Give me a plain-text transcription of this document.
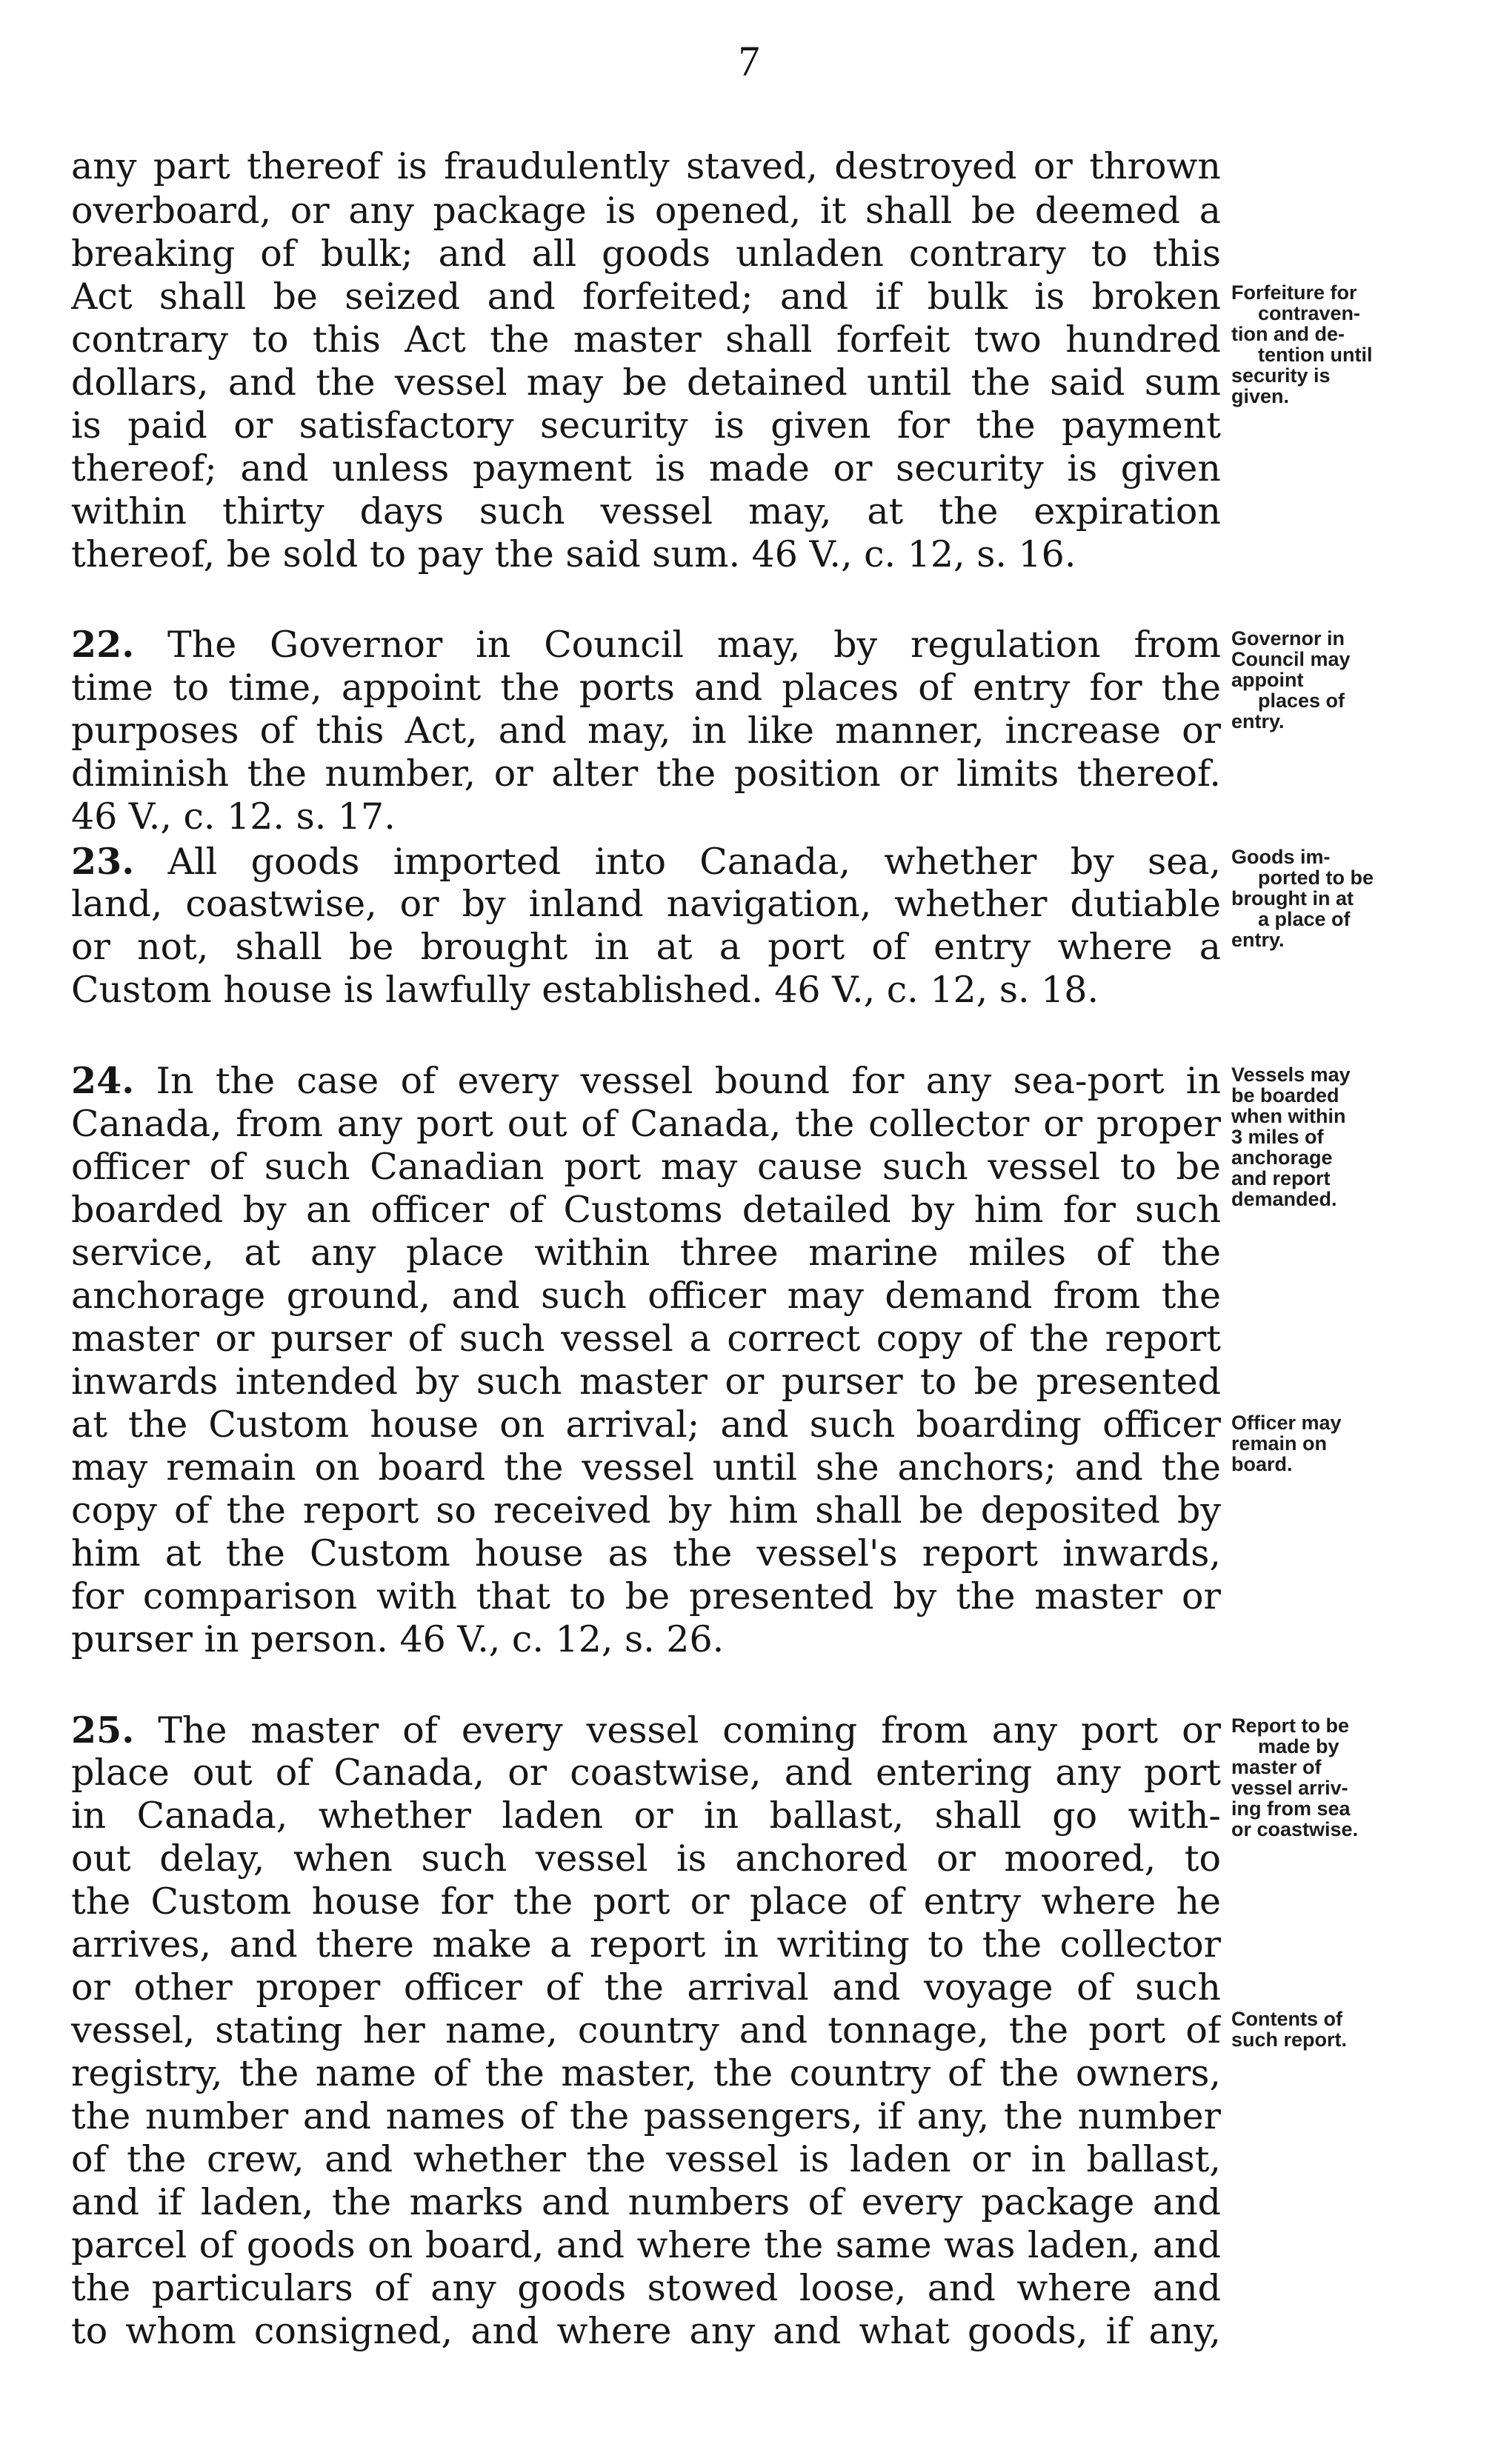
7
any part thereof is fraudulently staved, destroyed or thrown
overboard, or any package is opened, it shall be deemed a
breaking of bulk; and all goods unladen contrary to this
Act shall be seized and forfeited; and if bulk is broken
contrary to this Act the master shall forfeit two hundred
dollars, and the vessel may be detained until the said sum
is paid or satisfactory security is given for the payment
thereof; and unless payment is made or security is given
within thirty days such vessel may, at the expiration
thereof, be sold to pay the said sum. 46 V., c. 12, s. 16.
22. The Governor in Council may, by regulation from
time to time, appoint the ports and places of entry for the
purposes of this Act, and may, in like manner, increase or
diminish the number, or alter the position or limits thereof.
46 V., c. 12. s. 17.
23. All goods imported into Canada, whether by sea,
land, coastwise, or by inland navigation, whether dutiable
or not, shall be brought in at a port of entry where a
Custom house is lawfully established. 46 V., c. 12, s. 18.
24. In the case of every vessel bound for any sea-port in
Canada, from any port out of Canada, the collector or proper
officer of such Canadian port may cause such vessel to be
boarded by an officer of Customs detailed by him for such
service, at any place within three marine miles of the
anchorage ground, and such officer may demand from the
master or purser of such vessel a correct copy of the report
inwards intended by such master or purser to be presented
at the Custom house on arrival; and such boarding officer
may remain on board the vessel until she anchors; and the
copy of the report so received by him shall be deposited by
him at the Custom house as the vessel's report inwards,
for comparison with that to be presented by the master or
purser in person. 46 V., c. 12, s. 26.
25. The master of every vessel coming from any port or
place out of Canada, or coastwise, and entering any port
in Canada, whether laden or in ballast, shall go with-
out delay, when such vessel is anchored or moored, to
the Custom house for the port or place of entry where he
arrives, and there make a report in writing to the collector
or other proper officer of the arrival and voyage of such
vessel, stating her name, country and tonnage, the port of
registry, the name of the master, the country of the owners,
the number and names of the passengers, if any, the number
of the crew, and whether the vessel is laden or in ballast,
and if laden, the marks and numbers of every package and
parcel of goods on board, and where the same was laden, and
the particulars of any goods stowed loose, and where and
to whom consigned, and where any and what goods, if any,
Forfeiture for
contraven-
tion and de-
tention until
security is
given.
Governor in
Council may
appoint
places of
entry.
Goods im-
ported to be
brought in at
a place of
entry.
Vessels may
be boarded
when within
3 miles of
anchorage
and report
demanded.
Officer may
remain on
board.
Report to be
made by
master of
vessel arriv-
ing from sea
or coastwise.
Contents of
such report.
